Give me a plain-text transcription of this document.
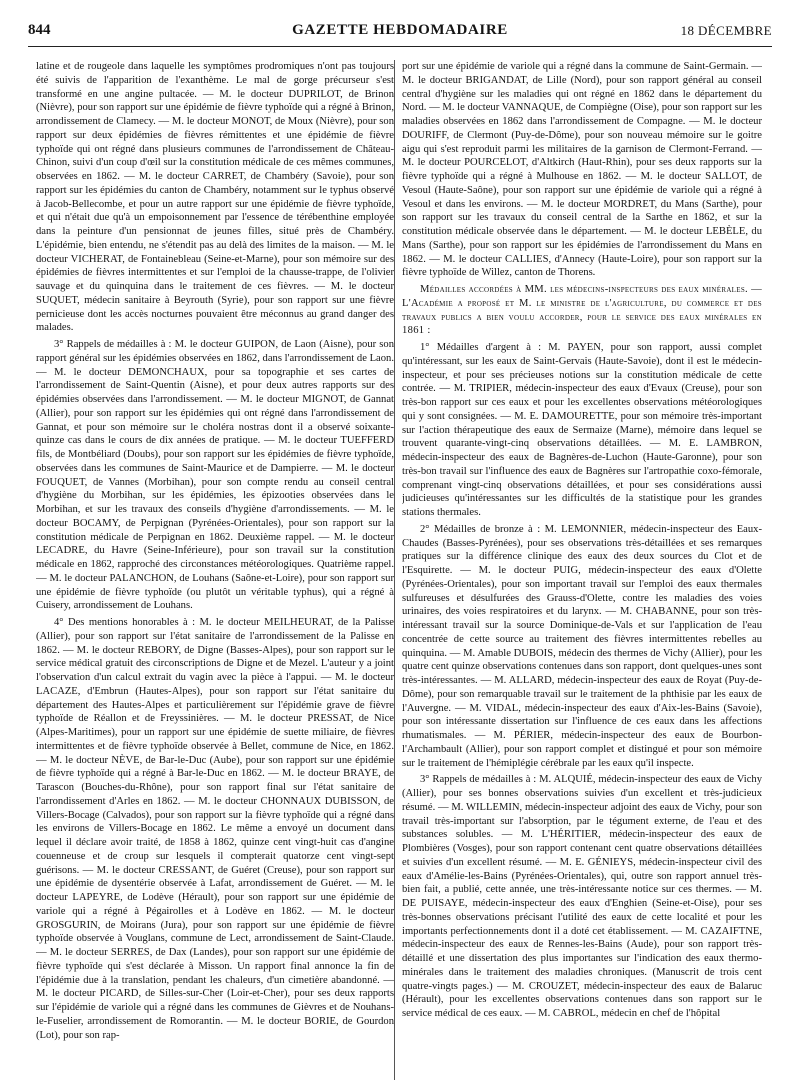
844	GAZETTE HEBDOMADAIRE	18 DÉCEMBRE

latine et de rougeole dans laquelle les symptômes prodromiques n'ont pas toujours été suivis de l'apparition de l'exanthème. Le mal de gorge précurseur s'est transformé en une angine pultacée. — M. le docteur DUPRILOT, de Brinon (Nièvre), pour son rapport sur une épidémie de fièvre typhoïde qui a régné à Brinon, arrondissement de Clamecy. — M. le docteur MONOT, de Moux (Nièvre), pour son rapport sur deux épidémies de fièvres rémittentes et une épidémie de fièvre typhoïde qui ont régné dans plusieurs communes de l'arrondissement de Château-Chinon, suivi d'un coup d'œil sur la constitution médicale de ces mêmes communes, observées en 1862. — M. le docteur CARRET, de Chambéry (Savoie), pour son rapport sur les épidémies du canton de Chambéry, notamment sur le typhus observé à Jacob-Bellecombe, et pour un autre rapport sur une épidémie de fièvre typhoïde, et qui n'était due qu'à un empoisonnement par l'essence de térébenthine employée dans la peinture d'un pensionnat de jeunes filles, situé près de Chambéry. L'épidémie, bien entendu, ne s'étendit pas au delà des limites de la maison. — M. le docteur VICHERAT, de Fontainebleau (Seine-et-Marne), pour son mémoire sur des épidémies de fièvres intermittentes et sur l'emploi de la chausse-trappe, de l'olivier sauvage et du quinquina dans le traitement de ces fièvres. — M. le docteur SUQUET, médecin sanitaire à Beyrouth (Syrie), pour son rapport sur une fièvre pernicieuse dont les accès nocturnes pouvaient être méconnus au grand danger des malades.

3° Rappels de médailles à : M. le docteur GUIPON, de Laon (Aisne), pour son rapport général sur les épidémies observées en 1862, dans l'arrondissement de Laon. — M. le docteur DEMONCHAUX, pour sa topographie et ses cartes de l'arrondissement de Saint-Quentin (Aisne), et pour deux autres rapports sur des épidémies observées dans l'arrondissement. — M. le docteur MIGNOT, de Gannat (Allier), pour son rapport sur les épidémies qui ont régné dans l'arrondissement de Gannat, et pour son mémoire sur le choléra nostras dont il a observé soixante-quinze cas dans le cours de dix années de pratique. — M. le docteur TUEFFERD fils, de Montbéliard (Doubs), pour son rapport sur les épidémies de fièvre typhoïde, observées dans les communes de Saint-Maurice et de Dampierre. — M. le docteur FOUQUET, de Vannes (Morbihan), pour son compte rendu au conseil central d'hygiène du Morbihan, sur les épidémies, les épizooties observées dans le Morbihan, et sur les travaux des conseils d'hygiène d'arrondissements. — M. le docteur BOCAMY, de Perpignan (Pyrénées-Orientales), pour son rapport sur la constitution médicale de Perpignan en 1862. Deuxième rappel. — M. le docteur LECADRE, du Havre (Seine-Inférieure), pour son travail sur la constitution médicale en 1862, rapproché des circonstances météorologiques. Quatrième rappel. — M. le docteur PALANCHON, de Louhans (Saône-et-Loire), pour son rapport sur une épidémie de fièvre typhoïde (ou plutôt un véritable typhus), qui a régné à Cuisery, arrondissement de Louhans.

4° Des mentions honorables à : M. le docteur MEILHEURAT, de la Palisse (Allier), pour son rapport sur l'état sanitaire de l'arrondissement de la Palisse en 1862. — M. le docteur REBORY, de Digne (Basses-Alpes), pour son rapport sur le service médical gratuit des circonscriptions de Digne et de Mezel. L'auteur y a joint l'observation d'un calcul extrait du vagin avec la pièce à l'appui. — M. le docteur LACAZE, d'Embrun (Hautes-Alpes), pour son rapport sur l'état sanitaire du département des Hautes-Alpes et particulièrement sur l'épidémie grave de fièvre typhoïde de Réallon et de Freyssinières. — M. le docteur PRESSAT, de Nice (Alpes-Maritimes), pour un rapport sur une épidémie de suette miliaire, de fièvres intermittentes et de fièvre typhoïde observée à Bellet, commune de Nice, en 1862. — M. le docteur NÈVE, de Bar-le-Duc (Aube), pour son rapport sur une épidémie de fièvre typhoïde qui a régné à Bar-le-Duc en 1862. — M. le docteur BRAYE, de Tarascon (Bouches-du-Rhône), pour son rapport final sur l'état sanitaire de l'arrondissement d'Arles en 1862. — M. le docteur CHONNAUX DUBISSON, de Villers-Bocage (Calvados), pour son rapport sur la fièvre typhoïde qui a régné dans les environs de Villers-Bocage en 1862. Le même a envoyé un document dans lequel il déclare avoir traité, de 1858 à 1862, quinze cent vingt-huit cas d'angine couenneuse et de croup sur lesquels il compterait quatorze cent vingt-sept guérisons. — M. le docteur CRESSANT, de Guéret (Creuse), pour son rapport sur une épidémie de dysentérie observée à Lafat, arrondissement de Guéret. — M. le docteur LAPEYRE, de Lodève (Hérault), pour son rapport sur une épidémie de variole qui a régné à Pégairolles et à Lodève en 1862. — M. le docteur GROSGURIN, de Moirans (Jura), pour son rapport sur une épidémie de fièvre typhoïde observée à Vouglans, commune de Lect, arrondissement de Saint-Claude. — M. le docteur SERRES, de Dax (Landes), pour son rapport sur une épidémie de fièvre typhoïde qui s'est déclarée à Misson. Un rapport final annonce la fin de l'épidémie due à la translation, pendant les chaleurs, d'un cimetière abandonné. — M. le docteur PICARD, de Silles-sur-Cher (Loir-et-Cher), pour ses deux rapports sur l'épidémie de variole qui a régné dans les communes de Gièvres et de Nouhans-le-Fuselier, arrondissement de Romorantin. — M. le docteur BORIE, de Gourdon (Lot), pour son rap-

port sur une épidémie de variole qui a régné dans la commune de Saint-Germain. — M. le docteur BRIGANDAT, de Lille (Nord), pour son rapport général au conseil central d'hygiène sur les maladies qui ont régné en 1862 dans le département du Nord. — M. le docteur VANNAQUE, de Compiègne (Oise), pour son rapport sur les maladies observées en 1862 dans l'arrondissement de Compagne. — M. le docteur DOURIFF, de Clermont (Puy-de-Dôme), pour son nouveau mémoire sur le goitre aigu qui s'est reproduit parmi les militaires de la garnison de Clermont-Ferrand. — M. le docteur POURCELOT, d'Altkirch (Haut-Rhin), pour ses deux rapports sur la fièvre typhoïde qui a régné à Mulhouse en 1862. — M. le docteur SALLOT, de Vesoul (Haute-Saône), pour son rapport sur une épidémie de variole qui a régné à Vesoul et dans les environs. — M. le docteur MORDRET, du Mans (Sarthe), pour son rapport sur les travaux du conseil central de la Sarthe en 1862, et sur la constitution médicale observée dans le département. — M. le docteur LEBÈLE, du Mans (Sarthe), pour son rapport sur les épidémies de l'arrondissement du Mans en 1862. — M. le docteur CALLIES, d'Annecy (Haute-Loire), pour son rapport sur la fièvre typhoïde de Willez, canton de Thorens.

Médailles accordées à MM. les médecins-inspecteurs des eaux minérales. — L'Académie a proposé et M. le ministre de l'agriculture, du commerce et des travaux publics a bien voulu accorder, pour le service des eaux minérales en 1861 :

1° Médailles d'argent à : M. PAYEN, pour son rapport, aussi complet qu'intéressant, sur les eaux de Saint-Gervais (Haute-Savoie), dont il est le médecin-inspecteur, et pour ses précieuses notions sur la constitution médicale de cette contrée. — M. TRIPIER, médecin-inspecteur des eaux d'Evaux (Creuse), pour son très-bon rapport sur ces eaux et pour les excellentes observations météorologiques qui y sont consignées. — M. E. DAMOURETTE, pour son mémoire très-important sur l'action thérapeutique des eaux de Sermaize (Marne), mémoire dans lequel se trouvent quarante-vingt-cinq observations détaillées. — M. E. LAMBRON, médecin-inspecteur des eaux de Bagnères-de-Luchon (Haute-Garonne), pour son très-bon travail sur l'influence des eaux de Bagnères sur l'artropathie coxo-fémorale, comprenant vingt-cinq observations détaillées, et pour ses considérations aussi judicieuses qu'intéressantes sur les difficultés de la statistique pour les grandes stations thermales.

2° Médailles de bronze à : M. LEMONNIER, médecin-inspecteur des Eaux-Chaudes (Basses-Pyrénées), pour ses observations très-détaillées et ses remarques pratiques sur la différence clinique des eaux des deux sources du Clot et de l'Esquirette. — M. le docteur PUIG, médecin-inspecteur des eaux d'Olette (Pyrénées-Orientales), pour son important travail sur l'emploi des eaux thermales sulfureuses et désulfurées des Grauss-d'Olette, contre les maladies des voies urinaires, des voies respiratoires et du larynx. — M. CHABANNE, pour son très-intéressant travail sur la source Dominique-de-Vals et sur l'application de l'eau concentrée de cette source au traitement des fièvres intermittentes rebelles au quinquina. — M. Amable DUBOIS, médecin des thermes de Vichy (Allier), pour les quatre cent quinze observations contenues dans son rapport, dont quelques-unes sont très-intéressantes. — M. ALLARD, médecin-inspecteur des eaux de Royat (Puy-de-Dôme), pour son remarquable travail sur le traitement de la phthisie par les eaux de l'Auvergne. — M. VIDAL, médecin-inspecteur des eaux d'Aix-les-Bains (Savoie), pour son intéressante dissertation sur l'influence de ces eaux dans les affections rhumatismales. — M. PÉRIER, médecin-inspecteur des eaux de Bourbon-l'Archambault (Allier), pour son rapport complet et distingué et pour son mémoire sur le traitement de l'hémiplégie cérébrale par les eaux qu'il inspecte.

3° Rappels de médailles à : M. ALQUIÉ, médecin-inspecteur des eaux de Vichy (Allier), pour ses bonnes observations suivies d'un excellent et très-judicieux résumé. — M. WILLEMIN, médecin-inspecteur adjoint des eaux de Vichy, pour son travail très-important sur l'absorption, par le tégument externe, de l'eau et des substances solubles. — M. L'HÉRITIER, médecin-inspecteur des eaux de Plombières (Vosges), pour son rapport contenant cent quatre observations détaillées et suivies d'un excellent résumé. — M. E. GÉNIEYS, médecin-inspecteur civil des eaux d'Amélie-les-Bains (Pyrénées-Orientales), qui, outre son rapport annuel très-bien fait, a publié, cette année, une très-intéressante notice sur ces thermes. — M. DE PUISAYE, médecin-inspecteur des eaux d'Enghien (Seine-et-Oise), pour ses très-bonnes observations précisant l'utilité des eaux de cette localité et pour les importants perfectionnements dont il a doté cet établissement. — M. CAZAIFTNE, médecin-inspecteur des eaux de Rennes-les-Bains (Aude), pour son rapport très-détaillé et une dissertation des plus importantes sur l'indication des eaux thermo-minérales dans le traitement des maladies chroniques. (Manuscrit de trois cent quatre-vingts pages.) — M. CROUZET, médecin-inspecteur des eaux de Balaruc (Hérault), pour les excellentes observations contenues dans son rapport sur le service médical de ces eaux. — M. CABROL, médecin en chef de l'hôpital
